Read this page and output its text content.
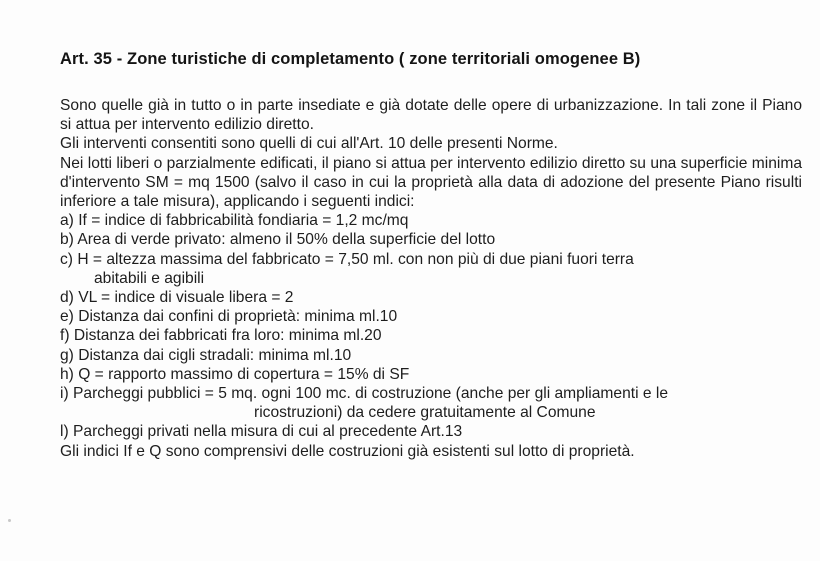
Art. 35 - Zone turistiche di completamento ( zone territoriali omogenee B)

Sono quelle già in tutto o in parte insediate e già dotate delle opere di urbanizzazione. In tali zone il Piano si attua per intervento edilizio diretto.

Gli interventi consentiti sono quelli di cui all'Art. 10 delle presenti Norme.

Nei lotti liberi o parzialmente edificati, il piano si attua per intervento edilizio diretto su una superficie minima d'intervento SM = mq 1500 (salvo il caso in cui la proprietà alla data di adozione del presente Piano risulti inferiore a tale misura), applicando i seguenti indici:

a) If = indice di fabbricabilità fondiaria = 1,2 mc/mq

b) Area di verde privato: almeno il 50% della superficie del lotto

c) H = altezza massima del fabbricato = 7,50 ml. con non più di due piani fuori terra
abitabili e agibili

d) VL = indice di visuale libera = 2

e) Distanza dai confini di proprietà: minima ml.10

f) Distanza dei fabbricati fra loro: minima ml.20

g) Distanza dai cigli stradali: minima ml.10

h) Q = rapporto massimo di copertura = 15% di SF

i) Parcheggi pubblici = 5 mq. ogni 100 mc. di costruzione (anche per gli ampliamenti e le
ricostruzioni) da cedere gratuitamente al Comune

l) Parcheggi privati nella misura di cui al precedente Art.13

Gli indici If e Q sono comprensivi delle costruzioni già esistenti sul lotto di proprietà.
